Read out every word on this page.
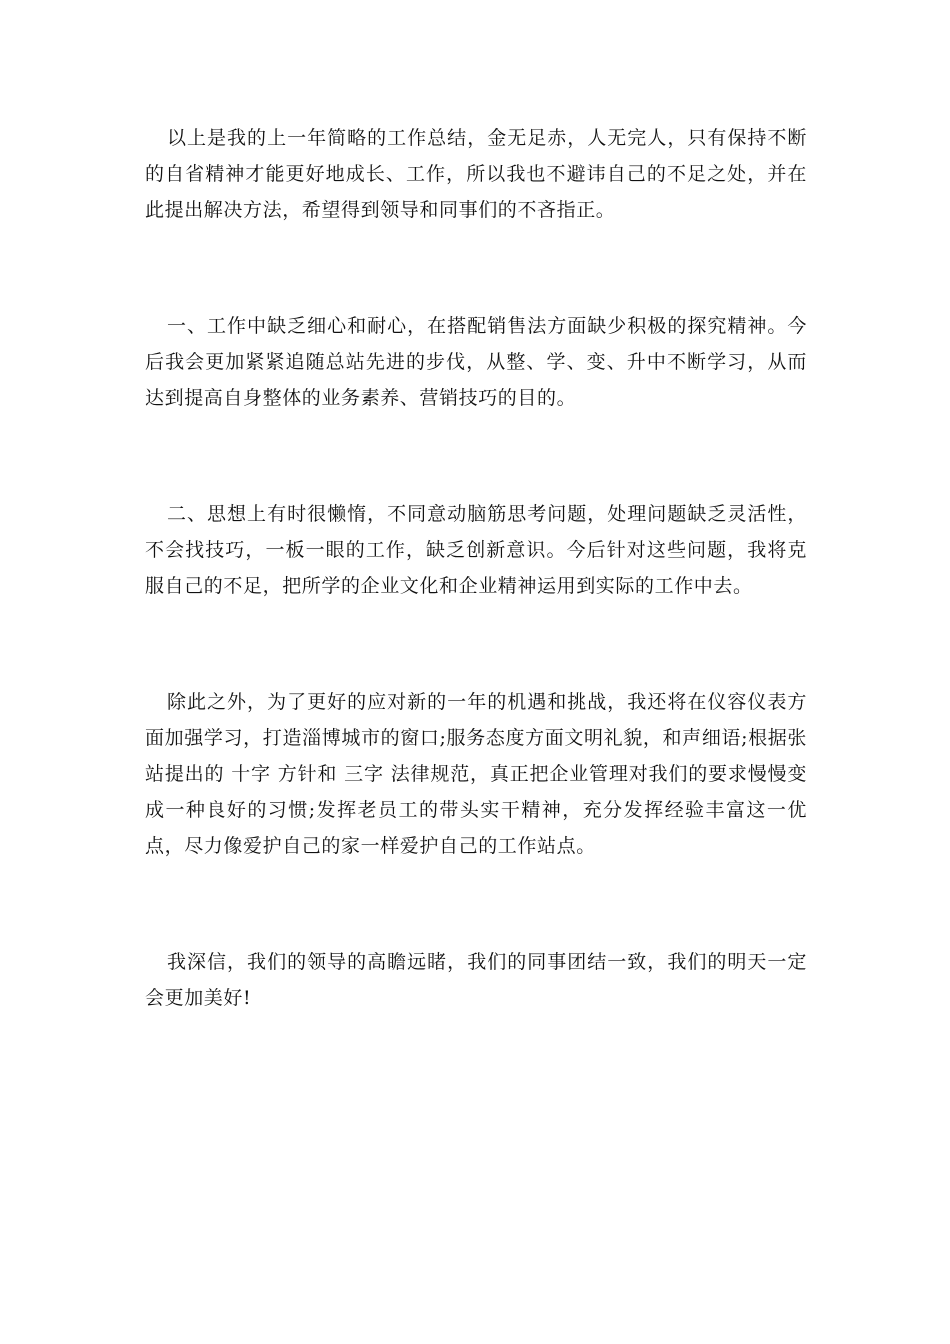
以上是我的上一年简略的工作总结，金无足赤，人无完人，只有保持不断的自省精神才能更好地成长、工作，所以我也不避讳自己的不足之处，并在此提出解决方法，希望得到领导和同事们的不吝指正。

一、工作中缺乏细心和耐心，在搭配销售法方面缺少积极的探究精神。今后我会更加紧紧追随总站先进的步伐，从整、学、变、升中不断学习，从而达到提高自身整体的业务素养、营销技巧的目的。

二、思想上有时很懒惰，不同意动脑筋思考问题，处理问题缺乏灵活性，不会找技巧，一板一眼的工作，缺乏创新意识。今后针对这些问题，我将克服自己的不足，把所学的企业文化和企业精神运用到实际的工作中去。

除此之外，为了更好的应对新的一年的机遇和挑战，我还将在仪容仪表方面加强学习，打造淄博城市的窗口;服务态度方面文明礼貌，和声细语;根据张站提出的 十字 方针和 三字 法律规范，真正把企业管理对我们的要求慢慢变成一种良好的习惯;发挥老员工的带头实干精神，充分发挥经验丰富这一优点，尽力像爱护自己的家一样爱护自己的工作站点。

我深信，我们的领导的高瞻远睹，我们的同事团结一致，我们的明天一定会更加美好!
